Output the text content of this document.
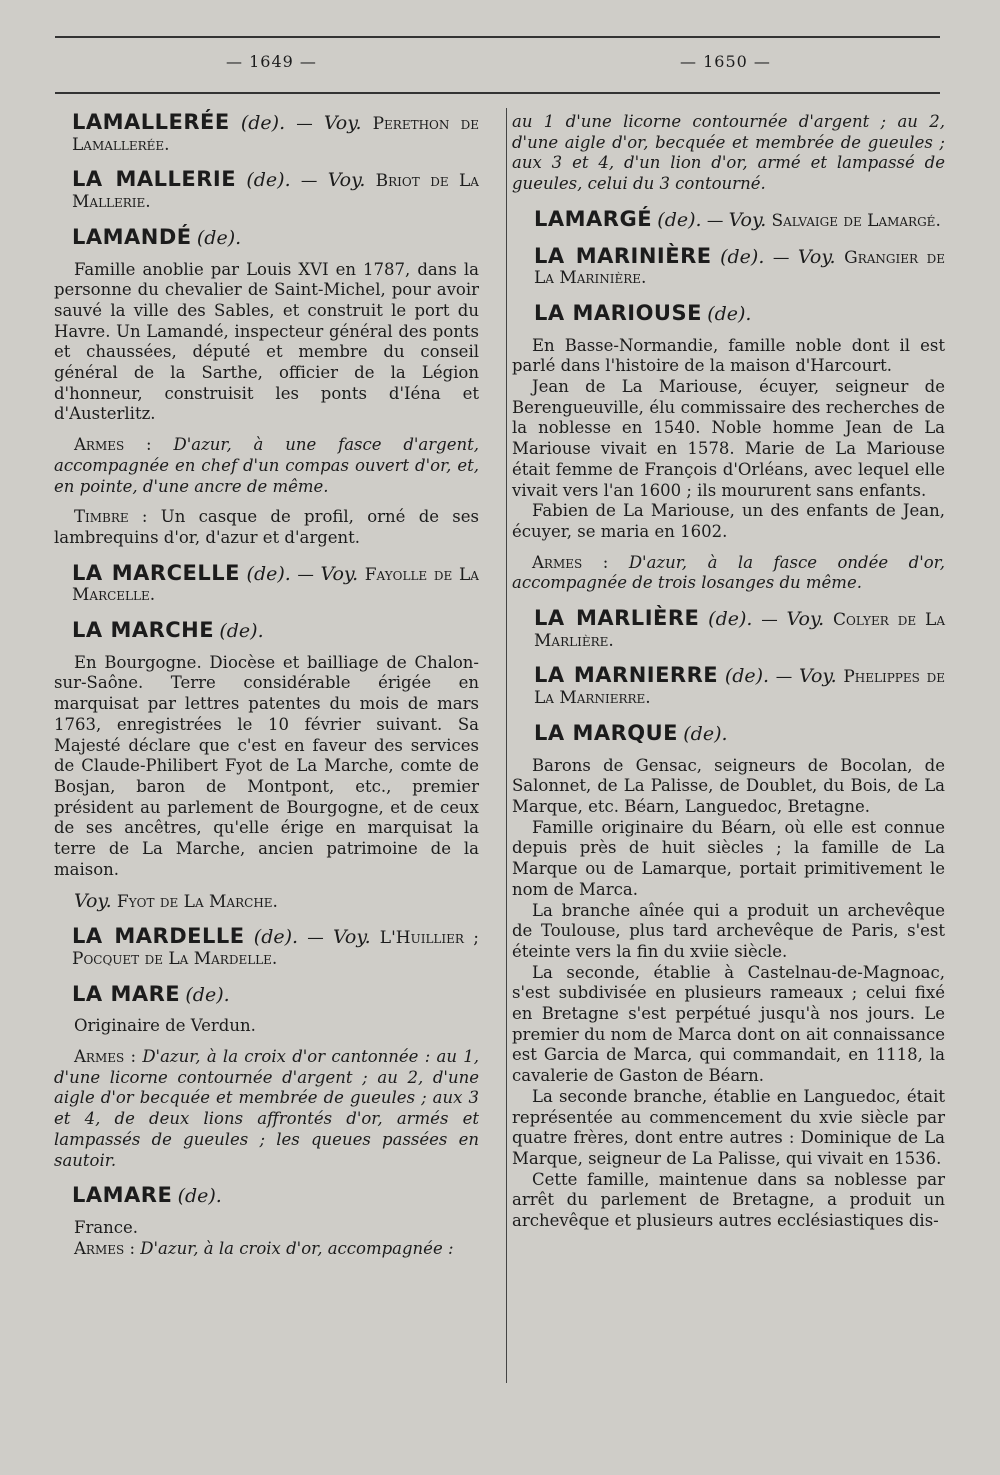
— 1649 —	— 1650 —

LAMALLERÉE (de). — Voy. Perethon de Lamallerée.

LA MALLERIE (de). — Voy. Briot de La Mallerie.

LAMANDÉ (de).

Famille anoblie par Louis XVI en 1787, dans la personne du chevalier de Saint-Michel, pour avoir sauvé la ville des Sables, et construit le port du Havre. Un Lamandé, inspecteur général des ponts et chaussées, député et membre du conseil général de la Sarthe, officier de la Légion d'honneur, construisit les ponts d'Iéna et d'Austerlitz.

Armes : D'azur, à une fasce d'argent, accompagnée en chef d'un compas ouvert d'or, et, en pointe, d'une ancre de même.

Timbre : Un casque de profil, orné de ses lambrequins d'or, d'azur et d'argent.

LA MARCELLE (de). — Voy. Fayolle de La Marcelle.

LA MARCHE (de).

En Bourgogne. Diocèse et bailliage de Chalon-sur-Saône. Terre considérable érigée en marquisat par lettres patentes du mois de mars 1763, enregistrées le 10 février suivant. Sa Majesté déclare que c'est en faveur des services de Claude-Philibert Fyot de La Marche, comte de Bosjan, baron de Montpont, etc., premier président au parlement de Bourgogne, et de ceux de ses ancêtres, qu'elle érige en marquisat la terre de La Marche, ancien patrimoine de la maison.

Voy. Fyot de La Marche.

LA MARDELLE (de). — Voy. L'Huillier ; Pocquet de La Mardelle.

LA MARE (de).

Originaire de Verdun.

Armes : D'azur, à la croix d'or cantonnée : au 1, d'une licorne contournée d'argent ; au 2, d'une aigle d'or becquée et membrée de gueules ; aux 3 et 4, de deux lions affrontés d'or, armés et lampassés de gueules ; les queues passées en sautoir.

LAMARE (de).

France.

Armes : D'azur, à la croix d'or, accompagnée :

au 1 d'une licorne contournée d'argent ; au 2, d'une aigle d'or, becquée et membrée de gueules ; aux 3 et 4, d'un lion d'or, armé et lampassé de gueules, celui du 3 contourné.

LAMARGÉ (de). — Voy. Salvaige de Lamargé.

LA MARINIÈRE (de). — Voy. Grangier de La Marinière.

LA MARIOUSE (de).

En Basse-Normandie, famille noble dont il est parlé dans l'histoire de la maison d'Harcourt.

Jean de La Mariouse, écuyer, seigneur de Berengueuville, élu commissaire des recherches de la noblesse en 1540. Noble homme Jean de La Mariouse vivait en 1578. Marie de La Mariouse était femme de François d'Orléans, avec lequel elle vivait vers l'an 1600 ; ils moururent sans enfants.

Fabien de La Mariouse, un des enfants de Jean, écuyer, se maria en 1602.

Armes : D'azur, à la fasce ondée d'or, accompagnée de trois losanges du même.

LA MARLIÈRE (de). — Voy. Colyer de La Marlière.

LA MARNIERRE (de). — Voy. Phelippes de La Marnierre.

LA MARQUE (de).

Barons de Gensac, seigneurs de Bocolan, de Salonnet, de La Palisse, de Doublet, du Bois, de La Marque, etc. Béarn, Languedoc, Bretagne.

Famille originaire du Béarn, où elle est connue depuis près de huit siècles ; la famille de La Marque ou de Lamarque, portait primitivement le nom de Marca.

La branche aînée qui a produit un archevêque de Toulouse, plus tard archevêque de Paris, s'est éteinte vers la fin du xviie siècle.

La seconde, établie à Castelnau-de-Magnoac, s'est subdivisée en plusieurs rameaux ; celui fixé en Bretagne s'est perpétué jusqu'à nos jours. Le premier du nom de Marca dont on ait connaissance est Garcia de Marca, qui commandait, en 1118, la cavalerie de Gaston de Béarn.

La seconde branche, établie en Languedoc, était représentée au commencement du xvie siècle par quatre frères, dont entre autres : Dominique de La Marque, seigneur de La Palisse, qui vivait en 1536.

Cette famille, maintenue dans sa noblesse par arrêt du parlement de Bretagne, a produit un archevêque et plusieurs autres ecclésiastiques dis-
